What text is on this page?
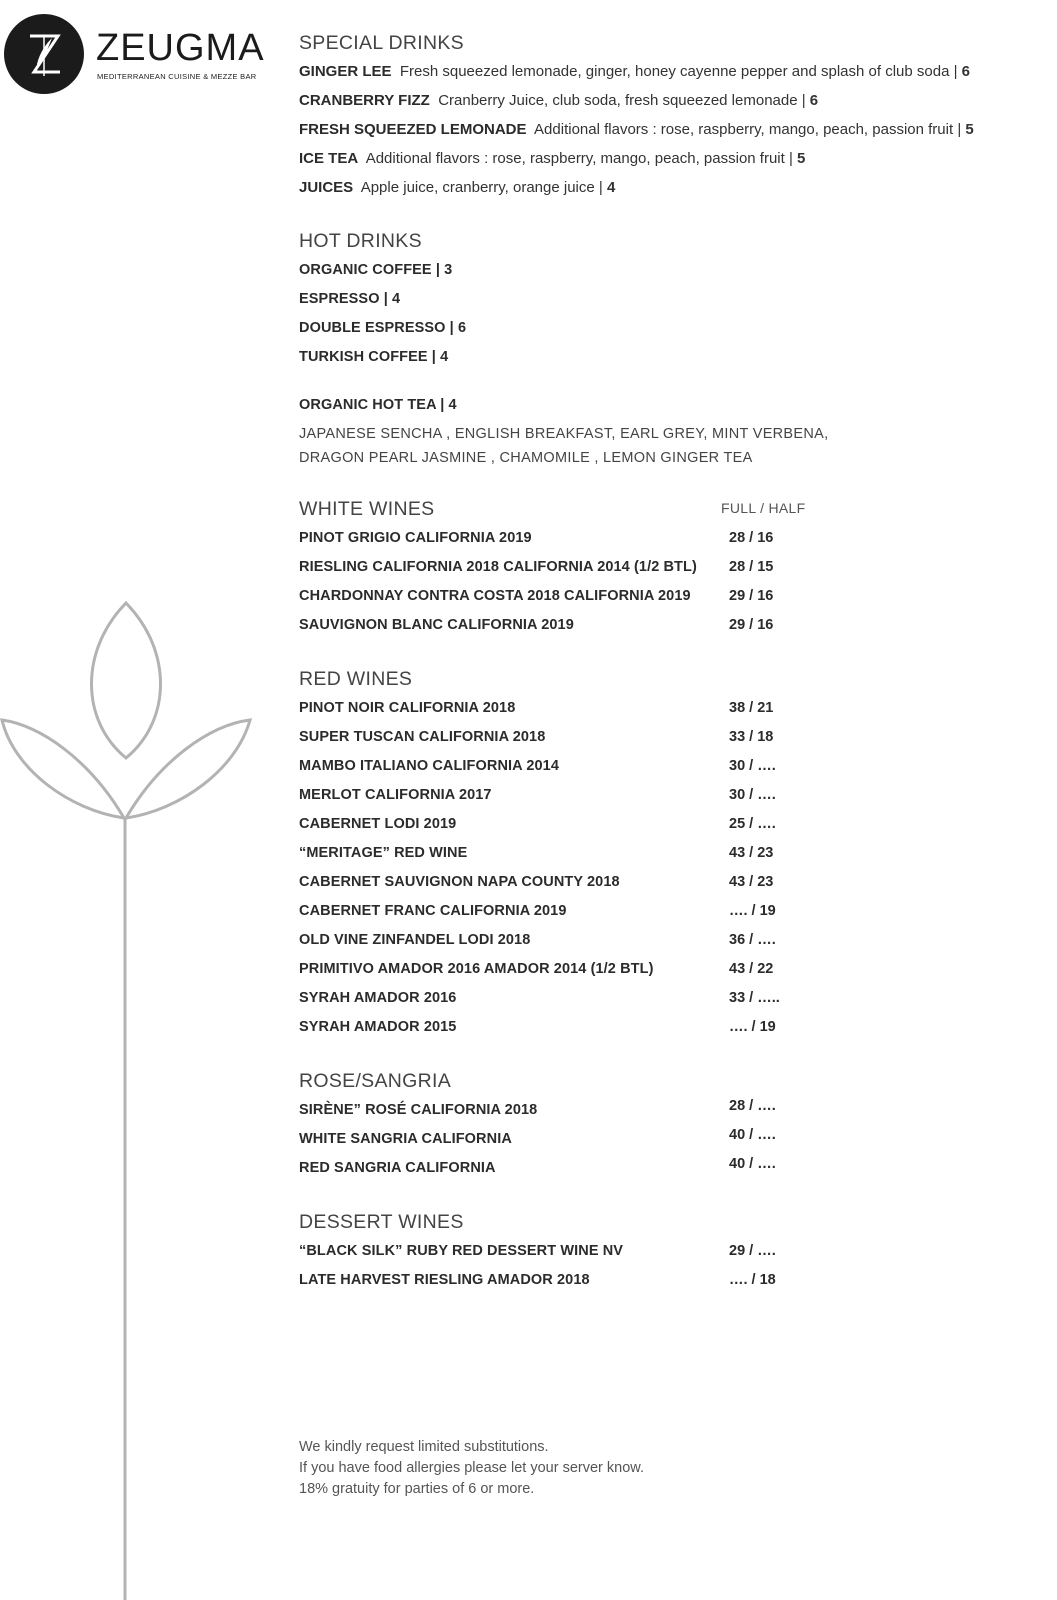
ZEUGMA
MEDITERRANEAN CUISINE & MEZZE BAR
SPECIAL DRINKS
GINGER LEE Fresh squeezed lemonade, ginger, honey cayenne pepper and splash of club soda | 6
CRANBERRY FIZZ Cranberry Juice, club soda, fresh squeezed lemonade | 6
FRESH SQUEEZED LEMONADE Additional flavors : rose, raspberry, mango, peach, passion fruit | 5
ICE TEA Additional flavors : rose, raspberry, mango, peach, passion fruit | 5
JUICES Apple juice, cranberry, orange juice | 4
HOT DRINKS
ORGANIC COFFEE | 3
ESPRESSO | 4
DOUBLE ESPRESSO | 6
TURKISH COFFEE | 4
ORGANIC HOT TEA | 4
JAPANESE SENCHA , ENGLISH BREAKFAST, EARL GREY, MINT VERBENA,
DRAGON PEARL JASMINE , CHAMOMILE , LEMON GINGER TEA
WHITE WINES	FULL / HALF
PINOT GRIGIO CALIFORNIA 2019	28 / 16
RIESLING CALIFORNIA 2018 CALIFORNIA 2014 (1/2 BTL) 28 / 15
CHARDONNAY CONTRA COSTA 2018 CALIFORNIA 2019	29 / 16
SAUVIGNON BLANC CALIFORNIA 2019	29 / 16
RED WINES
PINOT NOIR CALIFORNIA 2018	38 / 21
SUPER TUSCAN CALIFORNIA 2018	33 / 18
MAMBO ITALIANO CALIFORNIA 2014	30 / ….
MERLOT CALIFORNIA 2017	30 / ….
CABERNET LODI 2019	25 / ….
“MERITAGE” RED WINE	43 / 23
CABERNET SAUVIGNON NAPA COUNTY 2018	43 / 23
CABERNET FRANC CALIFORNIA 2019	…. / 19
OLD VINE ZINFANDEL LODI 2018	36 / ….
PRIMITIVO AMADOR 2016 AMADOR 2014 (1/2 BTL)	43 / 22
SYRAH AMADOR 2016	33 / …..
SYRAH AMADOR 2015	…. / 19
ROSE/SANGRIA
SIRÈNE” ROSÉ CALIFORNIA 2018	28 / ….
WHITE SANGRIA CALIFORNIA	40 / ….
RED SANGRIA CALIFORNIA	40 / ….
DESSERT WINES
“BLACK SILK” RUBY RED DESSERT WINE NV	29 / ….
LATE HARVEST RIESLING AMADOR 2018	…. / 18
We kindly request limited substitutions.
If you have food allergies please let your server know.
18% gratuity for parties of 6 or more.
